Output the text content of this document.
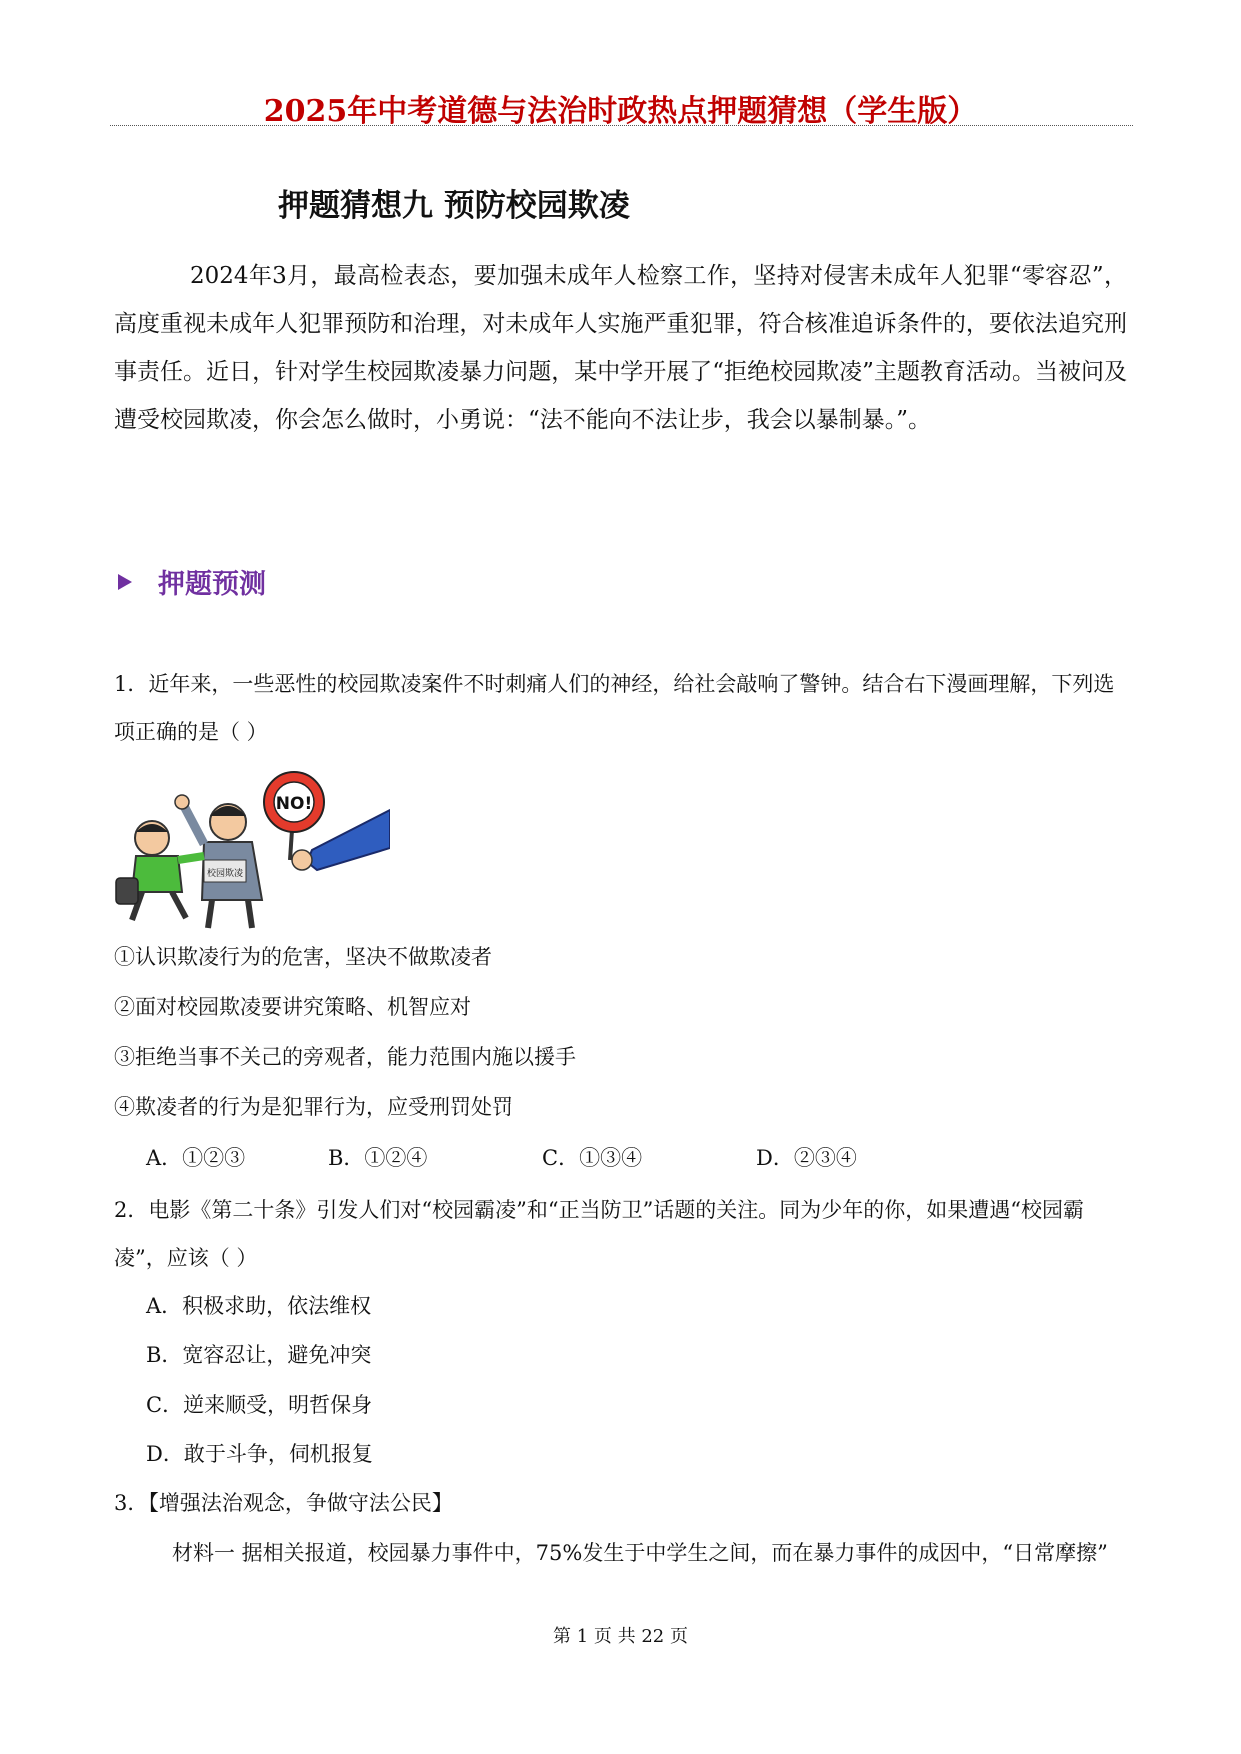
2025年中考道德与法治时政热点押题猜想（学生版）
押题猜想九 预防校园欺凌
2024年3月，最高检表态，要加强未成年人检察工作，坚持对侵害未成年人犯罪“零容忍”，高度重视未成年人犯罪预防和治理，对未成年人实施严重犯罪，符合核准追诉条件的，要依法追究刑事责任。近日，针对学生校园欺凌暴力问题，某中学开展了“拒绝校园欺凌”主题教育活动。当被问及遭受校园欺凌，你会怎么做时，小勇说：“法不能向不法让步，我会以暴制暴。”。
押题预测
1．近年来，一些恶性的校园欺凌案件不时刺痛人们的神经，给社会敲响了警钟。结合右下漫画理解，下列选项正确的是（ ）
NO!
校园欺凌
①认识欺凌行为的危害，坚决不做欺凌者
②面对校园欺凌要讲究策略、机智应对
③拒绝当事不关己的旁观者，能力范围内施以援手
④欺凌者的行为是犯罪行为，应受刑罚处罚
A．①②③	B．①②④	C．①③④	D．②③④
2．电影《第二十条》引发人们对“校园霸凌”和“正当防卫”话题的关注。同为少年的你，如果遭遇“校园霸凌”，应该（ ）
A．积极求助，依法维权
B．宽容忍让，避免冲突
C．逆来顺受，明哲保身
D．敢于斗争，伺机报复
3．【增强法治观念，争做守法公民】
材料一 据相关报道，校园暴力事件中，75%发生于中学生之间，而在暴力事件的成因中，“日常摩擦”
第 1 页 共 22 页
